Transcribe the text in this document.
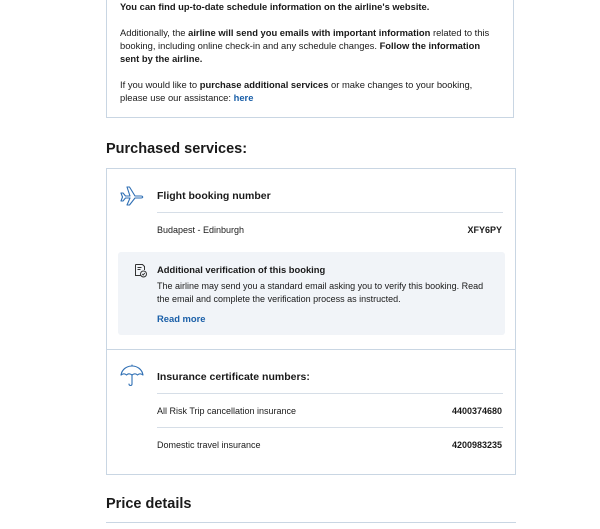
You can find up-to-date schedule information on the airline's website.

Additionally, the airline will send you emails with important information related to this booking, including online check-in and any schedule changes. Follow the information sent by the airline.

If you would like to purchase additional services or make changes to your booking, please use our assistance: here

Purchased services:
Flight booking number
Budapest - Edinburgh	XFY6PY
Additional verification of this booking
The airline may send you a standard email asking you to verify this booking. Read the email and complete the verification process as instructed.
Read more
Insurance certificate numbers:
All Risk Trip cancellation insurance	4400374680
Domestic travel insurance	4200983235
Price details
